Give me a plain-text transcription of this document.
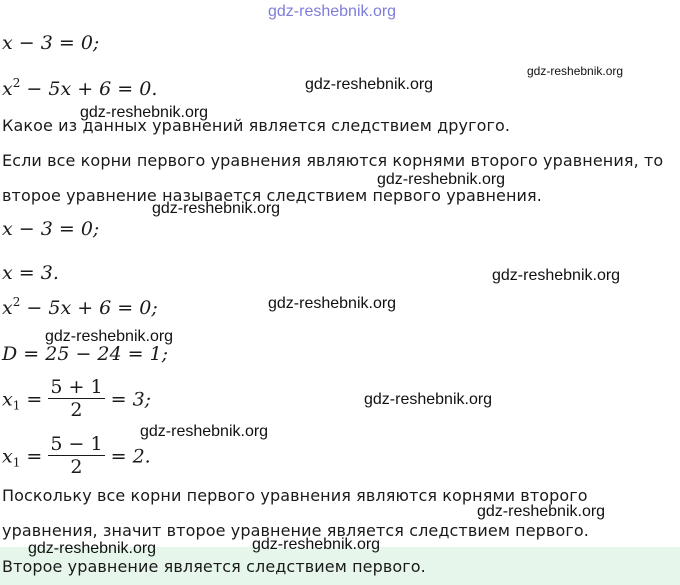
gdz-reshebnik.org
x − 3 = 0;
$x^2 - 5x + 6 = 0$.	gdz-reshebnik.org
gdz-reshebnik.org
gdz-reshebnik.org
Какое из данных уравнений является следствием другого.
Если все корни первого уравнения являются корнями второго уравнения, то
gdz-reshebnik.org
второе уравнение называется следствием первого уравнения.
gdz-reshebnik.org
x − 3 = 0;
x = 3.	gdz-reshebnik.org
$x^2 - 5x + 6 = 0$;	gdz-reshebnik.org
gdz-reshebnik.org
D = 25 − 24 = 1;
$x_1 = \frac{5 + 1}{2} = 3$;	gdz-reshebnik.org
gdz-reshebnik.org
$x_1 = \frac{5 - 1}{2} = 2$.
Поскольку все корни первого уравнения являются корнями второго
gdz-reshebnik.org
уравнения, значит второе уравнение является следствием первого.
gdz-reshebnik.org	gdz-reshebnik.org
Второе уравнение является следствием первого.
